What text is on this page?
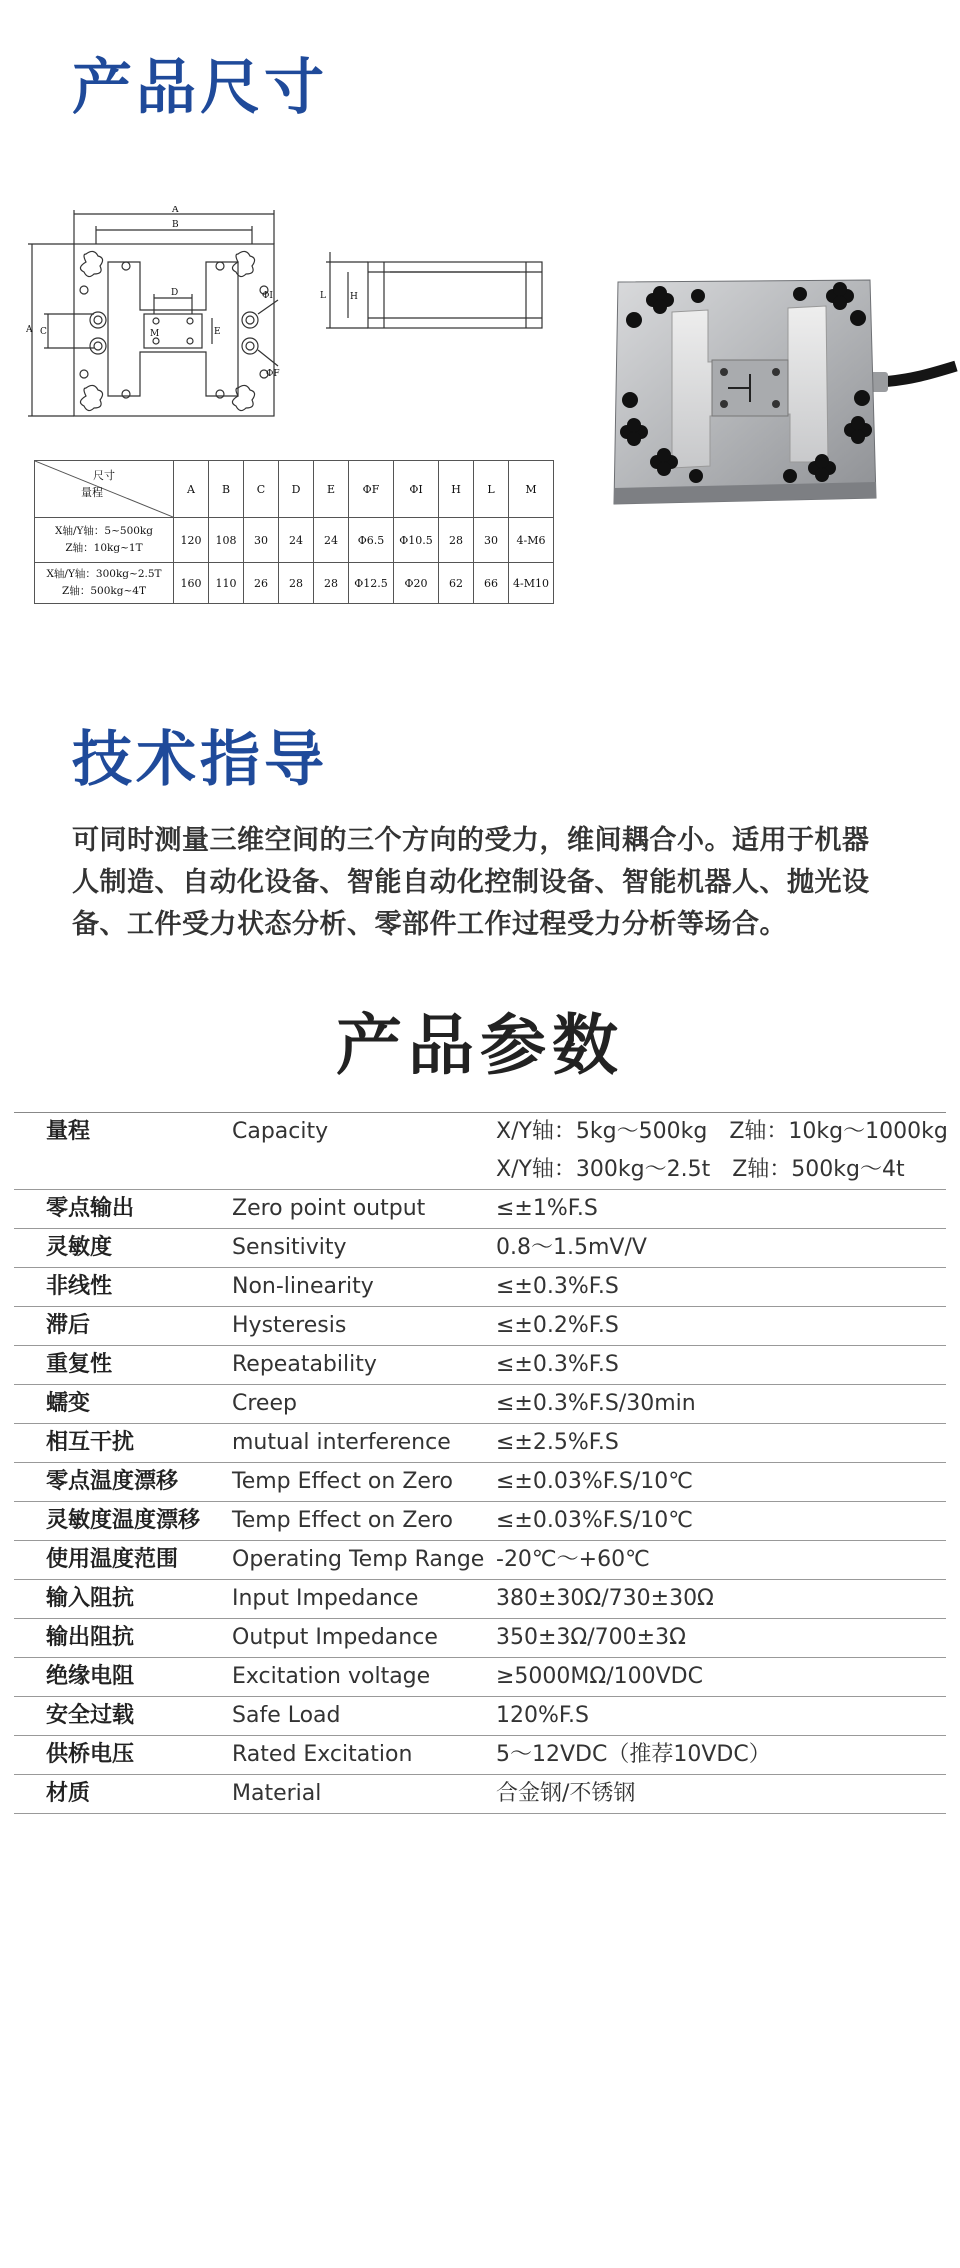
产品尺寸
A
B
A C
D
M	E
ΦI
ΦF
L	H
尺寸
量程	A	B	C	D	E	ΦF	ΦI	H	L	M

X轴/Y轴：5~500kg
Z轴：10kg~1T	120	108	30	24	24	Φ6.5	Φ10.5	28	30	4-M6

X轴/Y轴：300kg~2.5T
Z轴：500kg~4T	160	110	26	28	28	Φ12.5	Φ20	62	66	4-M10
技术指导
可同时测量三维空间的三个方向的受力，维间耦合小。适用于机器人制造、自动化设备、智能自动化控制设备、智能机器人、抛光设备、工件受力状态分析、零部件工作过程受力分析等场合。
产品参数
量程	Capacity	X/Y轴：5kg～500kg　Z轴：10kg～1000kg
X/Y轴：300kg～2.5t　Z轴：500kg～4t
零点输出	Zero point output	≤±1%F.S
灵敏度	Sensitivity	0.8～1.5mV/V
非线性	Non-linearity	≤±0.3%F.S
滞后	Hysteresis	≤±0.2%F.S
重复性	Repeatability	≤±0.3%F.S
蠕变	Creep	≤±0.3%F.S/30min
相互干扰	mutual interference ≤±2.5%F.S
零点温度漂移 Temp Effect on Zero ≤±0.03%F.S/10℃
灵敏度温度漂移 Temp Effect on Zero ≤±0.03%F.S/10℃
使用温度范围 Operating Temp Range -20℃～+60℃
输入阻抗	Input Impedance	380±30Ω/730±30Ω
输出阻抗	Output Impedance	350±3Ω/700±3Ω
绝缘电阻	Excitation voltage	≥5000MΩ/100VDC
安全过载	Safe Load	120%F.S
供桥电压	Rated Excitation	5～12VDC（推荐10VDC）
材质	Material	合金钢/不锈钢
